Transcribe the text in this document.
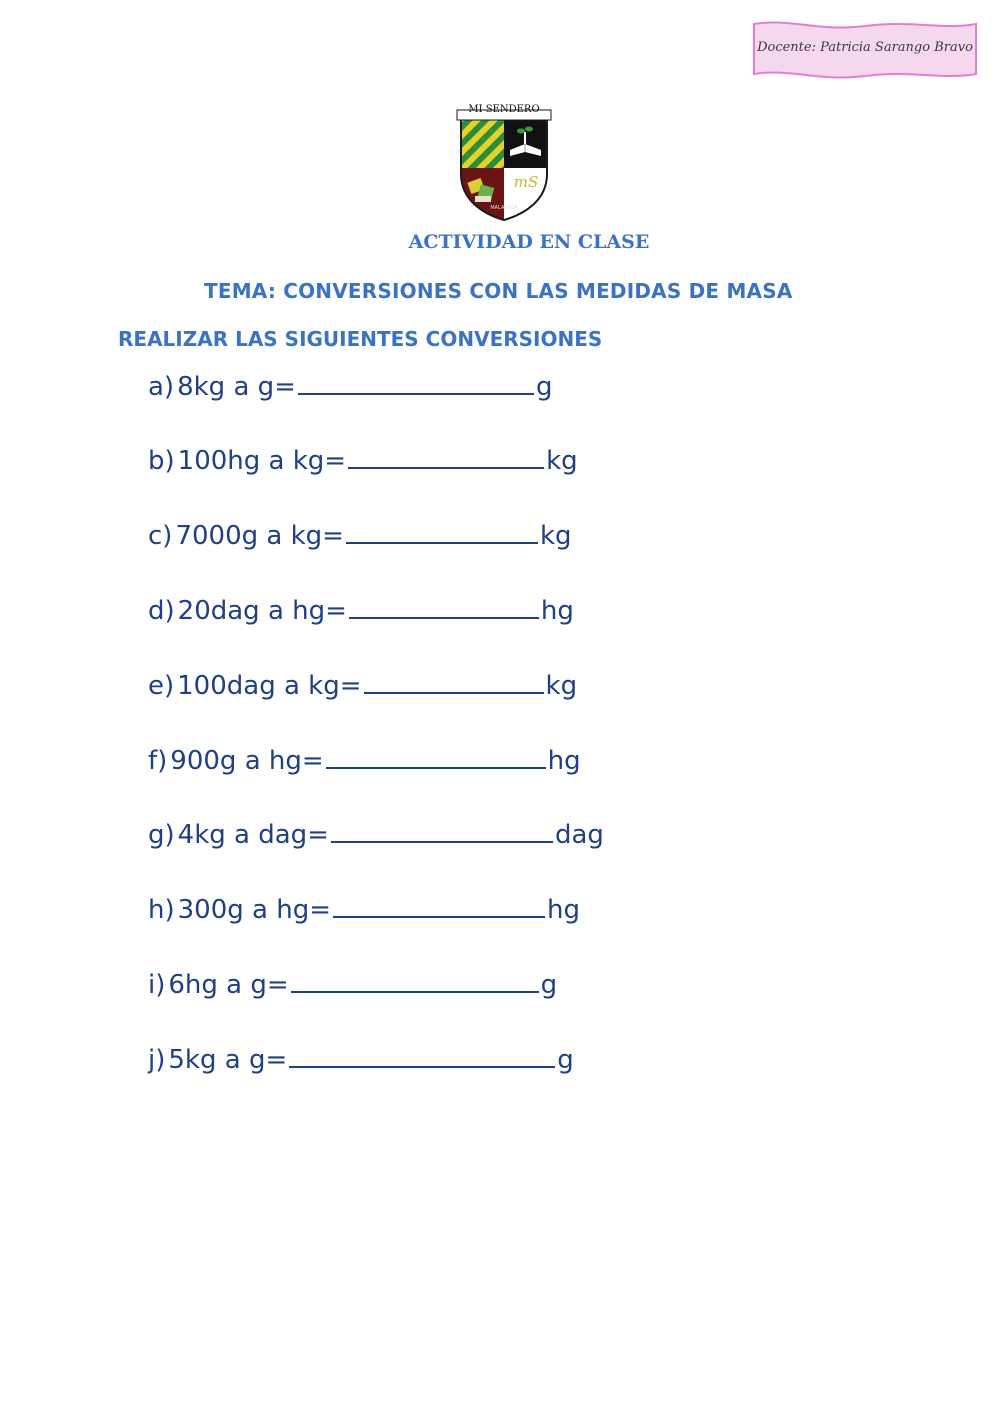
Docente: Patricia Sarango Bravo
MI SENDERO
mS
MALAKASA
ACTIVIDAD EN CLASE
TEMA: CONVERSIONES CON LAS MEDIDAS DE MASA
REALIZAR LAS SIGUIENTES CONVERSIONES
a) 8kg a g=	g
b) 100hg a kg=	kg
c) 7000g a kg=	kg
d) 20dag a hg=	hg
e) 100dag a kg=	kg
f) 900g a hg=	hg
g) 4kg a dag=	dag
h) 300g a hg=	hg
i) 6hg a g=	g
j) 5kg a g=	g
